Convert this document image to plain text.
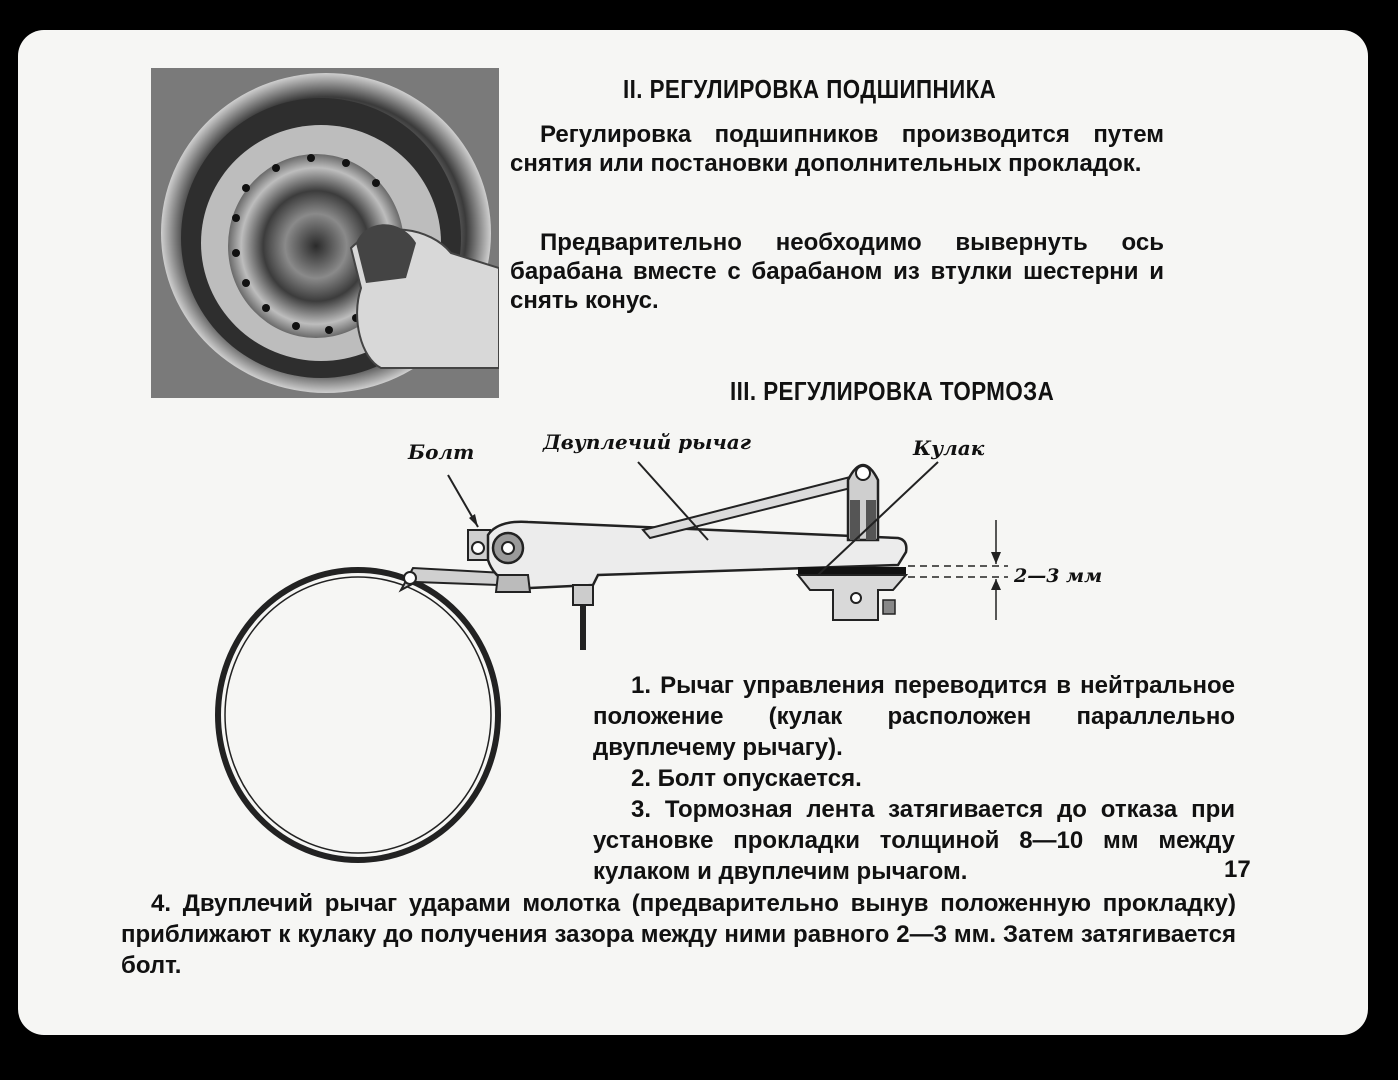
II. РЕГУЛИРОВКА ПОДШИПНИКА

Регулировка подшипников производится путем снятия или постановки дополнительных прокладок.

Предварительно необходимо вывернуть ось барабана вместе с барабаном из втулки шестерни и снять конус.

III. РЕГУЛИРОВКА ТОРМОЗА
Болт	Двуплечий рычаг	Кулак
2—3 мм

1. Рычаг управления переводится в нейтральное положение (кулак расположен параллельно двуплечему рычагу).

2. Болт опускается.

3. Тормозная лента затягивается до отказа при установке прокладки толщиной 8—10 мм между кулаком и двуплечим рычагом.	17

4. Двуплечий рычаг ударами молотка (предварительно вынув положенную прокладку) приближают к кулаку до получения зазора между ними равного 2—3 мм. Затем затягивается болт.
